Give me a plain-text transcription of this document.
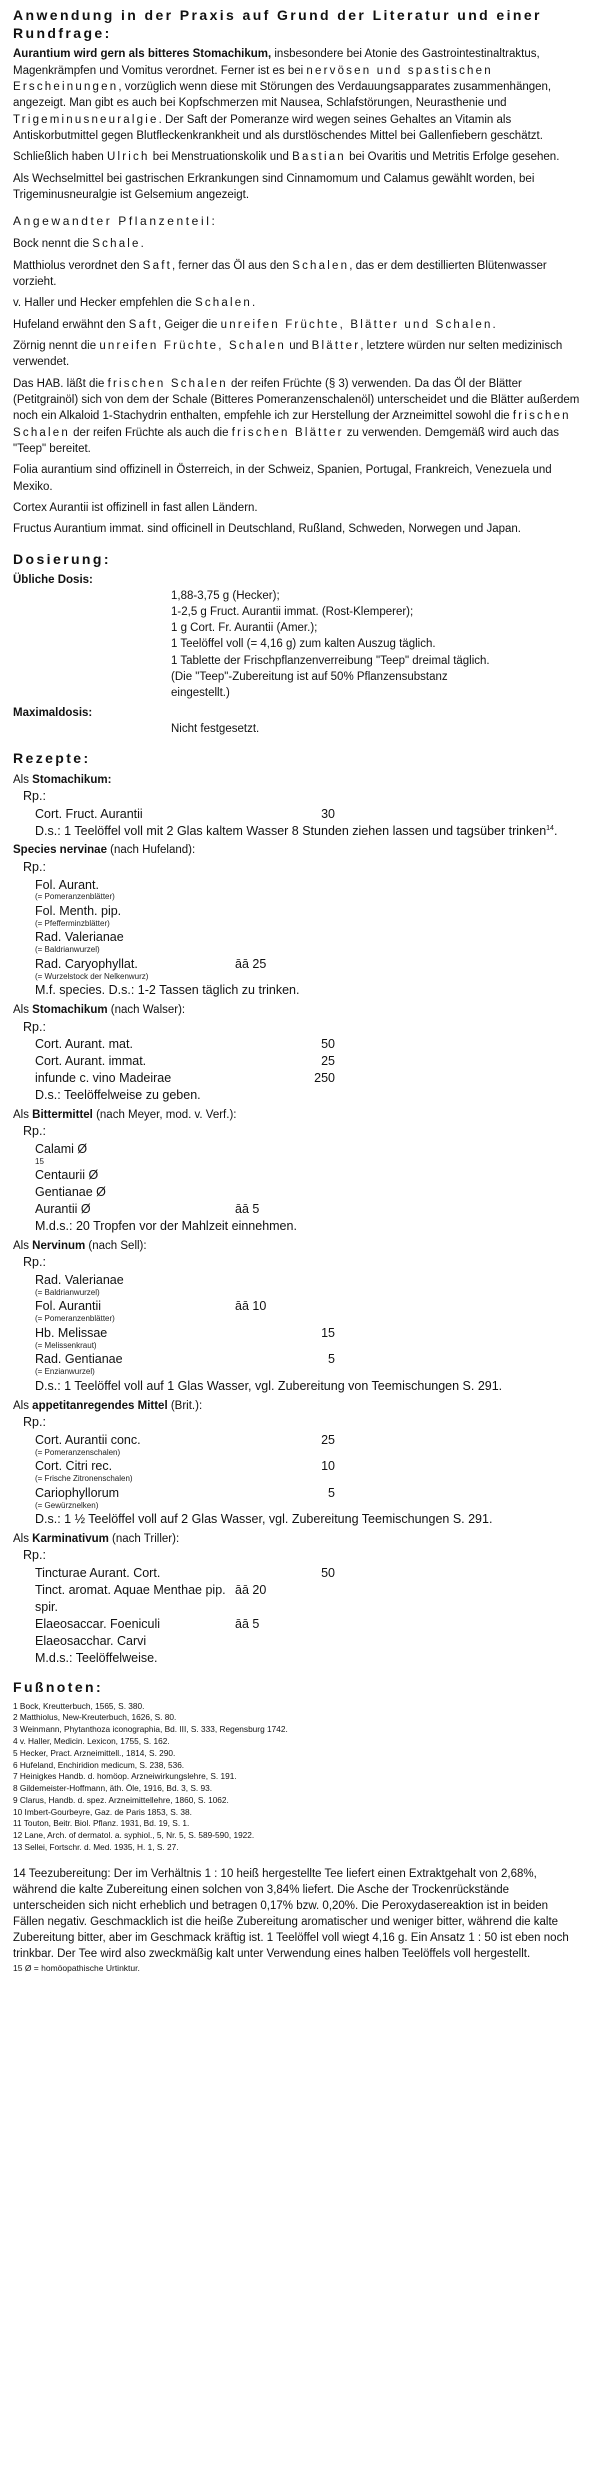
Anwendung in der Praxis auf Grund der Literatur und einer Rundfrage:

Aurantium wird gern als bitteres Stomachikum, insbesondere bei Atonie des Gastrointestinaltraktus, Magenkrämpfen und Vomitus verordnet. Ferner ist es bei nervösen und spastischen Erscheinungen, vorzüglich wenn diese mit Störungen des Verdauungsapparates zusammenhängen, angezeigt. Man gibt es auch bei Kopfschmerzen mit Nausea, Schlafstörungen, Neurasthenie und Trigeminusneuralgie. Der Saft der Pomeranze wird wegen seines Gehaltes an Vitamin als Antiskorbutmittel gegen Blutfleckenkrankheit und als durstlöschendes Mittel bei Gallenfiebern geschätzt.

Schließlich haben Ulrich bei Menstruationskolik und Bastian bei Ovaritis und Metritis Erfolge gesehen.

Als Wechselmittel bei gastrischen Erkrankungen sind Cinnamomum und Calamus gewählt worden, bei Trigeminusneuralgie ist Gelsemium angezeigt.

Angewandter Pflanzenteil:

Bock nennt die Schale.

Matthiolus verordnet den Saft, ferner das Öl aus den Schalen, das er dem destillierten Blütenwasser vorzieht.

v. Haller und Hecker empfehlen die Schalen.

Hufeland erwähnt den Saft, Geiger die unreifen Früchte, Blätter und Schalen.

Zörnig nennt die unreifen Früchte, Schalen und Blätter, letztere würden nur selten medizinisch verwendet.

Das HAB. läßt die frischen Schalen der reifen Früchte (§ 3) verwenden. Da das Öl der Blätter (Petitgrainöl) sich von dem der Schale (Bitteres Pomeranzenschalenöl) unterscheidet und die Blätter außerdem noch ein Alkaloid 1-Stachydrin enthalten, empfehle ich zur Herstellung der Arzneimittel sowohl die frischen Schalen der reifen Früchte als auch die frischen Blätter zu verwenden. Demgemäß wird auch das "Teep" bereitet.

Folia aurantium sind offizinell in Österreich, in der Schweiz, Spanien, Portugal, Frankreich, Venezuela und Mexiko.

Cortex Aurantii ist offizinell in fast allen Ländern.

Fructus Aurantium immat. sind officinell in Deutschland, Rußland, Schweden, Norwegen und Japan.

Dosierung:
Übliche Dosis:
1,88-3,75 g (Hecker);
1-2,5 g Fruct. Aurantii immat. (Rost-Klemperer);
1 g Cort. Fr. Aurantii (Amer.);
1 Teelöffel voll (= 4,16 g) zum kalten Auszug täglich.
1 Tablette der Frischpflanzenverreibung "Teep" dreimal täglich.
(Die "Teep"-Zubereitung ist auf 50% Pflanzensubstanz
eingestellt.)
Maximaldosis:
Nicht festgesetzt.
Rezepte:
Als Stomachikum:
Rp.:
Cort. Fruct. Aurantii	30
D.s.: 1 Teelöffel voll mit 2 Glas kaltem Wasser 8 Stunden ziehen lassen und tagsüber trinken$^{14}$.
Species nervinae (nach Hufeland):
Rp.:
Fol. Aurant.
(= Pomeranzenblätter)
Fol. Menth. pip.
(= Pfefferminzblätter)
Rad. Valerianae
(= Baldrianwurzel)
Rad. Caryophyllat.	āā 25
(= Wurzelstock der Nelkenwurz)
M.f. species. D.s.: 1-2 Tassen täglich zu trinken.
Als Stomachikum (nach Walser):
Rp.:
Cort. Aurant. mat.	50
Cort. Aurant. immat.	25
infunde c. vino Madeirae	250
D.s.: Teelöffelweise zu geben.
Als Bittermittel (nach Meyer, mod. v. Verf.):
Rp.:
Calami Ø
15
Centaurii Ø
Gentianae Ø
Aurantii Ø	āā 5
M.d.s.: 20 Tropfen vor der Mahlzeit einnehmen.
Als Nervinum (nach Sell):
Rp.:
Rad. Valerianae
(= Baldrianwurzel)
Fol. Aurantii	āā 10
(= Pomeranzenblätter)
Hb. Melissae	15
(= Melissenkraut)
Rad. Gentianae	5
(= Enzianwurzel)
D.s.: 1 Teelöffel voll auf 1 Glas Wasser, vgl. Zubereitung von Teemischungen S. 291.
Als appetitanregendes Mittel (Brit.):
Rp.:
Cort. Aurantii conc.	25
(= Pomeranzenschalen)
Cort. Citri rec.	10
(= Frische Zitronenschalen)
Cariophyllorum	5
(= Gewürznelken)
D.s.: 1 ½ Teelöffel voll auf 2 Glas Wasser, vgl. Zubereitung Teemischungen S. 291.
Als Karminativum (nach Triller):
Rp.:
Tincturae Aurant. Cort.	50
Tinct. aromat. Aquae Menthae pip. āā 20
spir.
Elaeosaccar. Foeniculi	āā 5
Elaeosacchar. Carvi
M.d.s.: Teelöffelweise.
Fußnoten:
1 Bock, Kreutterbuch, 1565, S. 380.
2 Matthiolus, New-Kreuterbuch, 1626, S. 80.
3 Weinmann, Phytanthoza iconographia, Bd. III, S. 333, Regensburg 1742.
4 v. Haller, Medicin. Lexicon, 1755, S. 162.
5 Hecker, Pract. Arzneimittell., 1814, S. 290.
6 Hufeland, Enchiridion medicum, S. 238, 536.
7 Heinigkes Handb. d. homöop. Arzneiwirkungslehre, S. 191.
8 Gildemeister-Hoffmann, äth. Öle, 1916, Bd. 3, S. 93.
9 Clarus, Handb. d. spez. Arzneimittellehre, 1860, S. 1062.
10 Imbert-Gourbeyre, Gaz. de Paris 1853, S. 38.
11 Touton, Beitr. Biol. Pflanz. 1931, Bd. 19, S. 1.
12 Lane, Arch. of dermatol. a. syphiol., 5, Nr. 5, S. 589-590, 1922.
13 Sellei, Fortschr. d. Med. 1935, H. 1, S. 27.
14 Teezubereitung: Der im Verhältnis 1 : 10 heiß hergestellte Tee liefert einen Extraktgehalt von 2,68%, während die kalte Zubereitung einen solchen von 3,84% liefert. Die Asche der Trockenrückstände unterscheiden sich nicht erheblich und betragen 0,17% bzw. 0,20%. Die Peroxydasereaktion ist in beiden Fällen negativ. Geschmacklich ist die heiße Zubereitung aromatischer und weniger bitter, während die kalte Zubereitung bitter, aber im Geschmack kräftig ist. 1 Teelöffel voll wiegt 4,16 g. Ein Ansatz 1 : 50 ist eben noch trinkbar. Der Tee wird also zweckmäßig kalt unter Verwendung eines halben Teelöffels voll hergestellt.
15 Ø = homöopathische Urtinktur.
